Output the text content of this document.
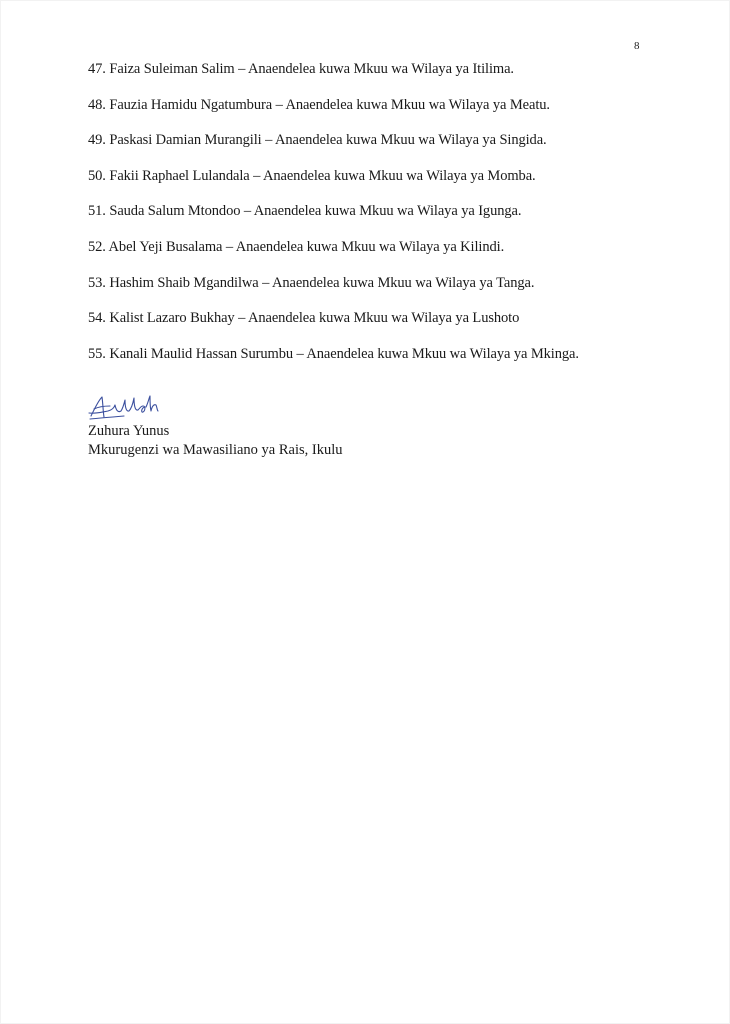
8
47. Faiza Suleiman Salim – Anaendelea kuwa Mkuu wa Wilaya ya Itilima.
48. Fauzia Hamidu Ngatumbura – Anaendelea kuwa Mkuu wa Wilaya ya Meatu.
49. Paskasi Damian Murangili – Anaendelea kuwa Mkuu wa Wilaya ya Singida.
50. Fakii Raphael Lulandala – Anaendelea kuwa Mkuu wa Wilaya ya Momba.
51. Sauda Salum Mtondoo – Anaendelea kuwa Mkuu wa Wilaya ya Igunga.
52. Abel Yeji Busalama – Anaendelea kuwa Mkuu wa Wilaya ya Kilindi.
53. Hashim Shaib Mgandilwa – Anaendelea kuwa Mkuu wa Wilaya ya Tanga.
54. Kalist Lazaro Bukhay – Anaendelea kuwa Mkuu wa Wilaya ya Lushoto
55. Kanali Maulid Hassan Surumbu – Anaendelea kuwa Mkuu wa Wilaya ya Mkinga.
Zuhura Yunus
Mkurugenzi wa Mawasiliano ya Rais, Ikulu
